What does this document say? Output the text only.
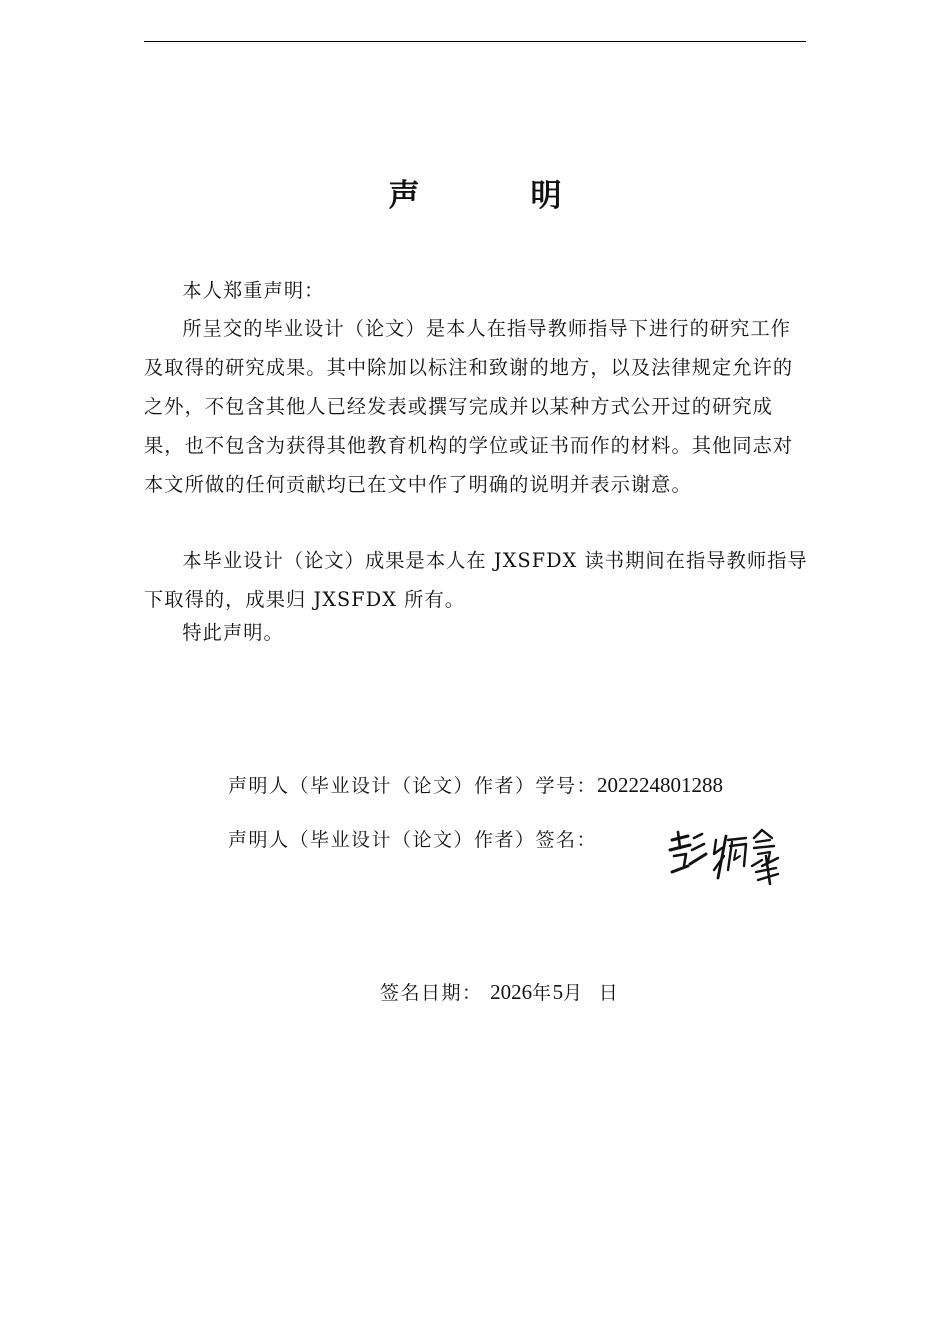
声　明

本人郑重声明：

所呈交的毕业设计（论文）是本人在指导教师指导下进行的研究工作及取得的研究成果。其中除加以标注和致谢的地方，以及法律规定允许的之外，不包含其他人已经发表或撰写完成并以某种方式公开过的研究成果，也不包含为获得其他教育机构的学位或证书而作的材料。其他同志对本文所做的任何贡献均已在文中作了明确的说明并表示谢意。

本毕业设计（论文）成果是本人在 JXSFDX 读书期间在指导教师指导下取得的，成果归 JXSFDX 所有。

特此声明。

声明人（毕业设计（论文）作者）学号：202224801288
声明人（毕业设计（论文）作者）签名：
签名日期： 2026年5月 日
